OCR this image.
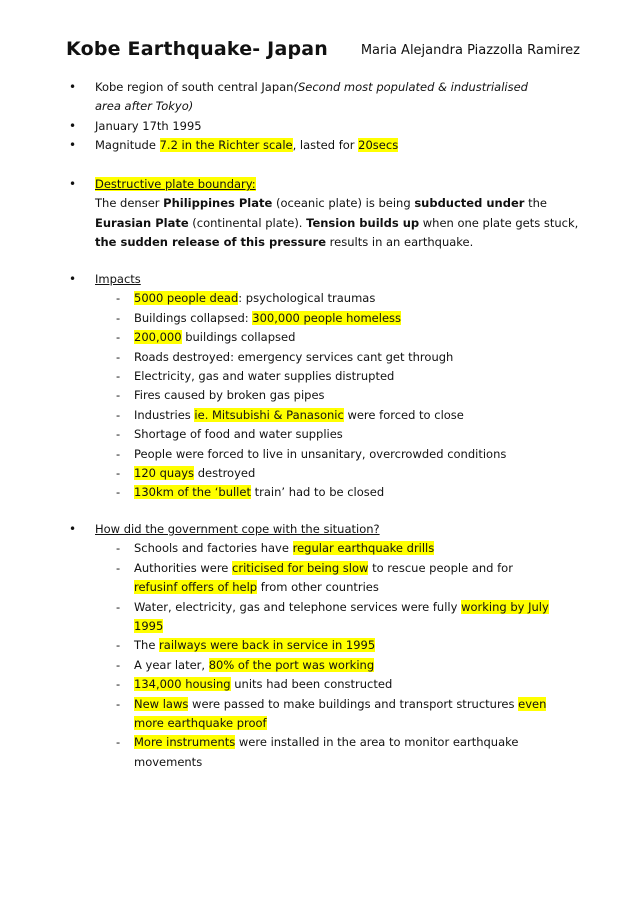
Kobe Earthquake- Japan	Maria Alejandra Piazzolla Ramirez
• Kobe region of south central Japan(Second most populated & industrialised
area after Tokyo)
• January 17th 1995
• Magnitude 7.2 in the Richter scale, lasted for 20secs
• Destructive plate boundary:
The denser Philippines Plate (oceanic plate) is being subducted under the
Eurasian Plate (continental plate). Tension builds up when one plate gets stuck,
the sudden release of this pressure results in an earthquake.
• Impacts
- 5000 people dead: psychological traumas
- Buildings collapsed: 300,000 people homeless
- 200,000 buildings collapsed
- Roads destroyed: emergency services cant get through
- Electricity, gas and water supplies distrupted
- Fires caused by broken gas pipes
- Industries ie. Mitsubishi & Panasonic were forced to close
- Shortage of food and water supplies
- People were forced to live in unsanitary, overcrowded conditions
- 120 quays destroyed
- 130km of the ‘bullet train’ had to be closed
• How did the government cope with the situation?
- Schools and factories have regular earthquake drills
- Authorities were criticised for being slow to rescue people and for
refusinf offers of help from other countries
- Water, electricity, gas and telephone services were fully working by July
1995
- The railways were back in service in 1995
- A year later, 80% of the port was working
- 134,000 housing units had been constructed
- New laws were passed to make buildings and transport structures even
more earthquake proof
- More instruments were installed in the area to monitor earthquake
movements
